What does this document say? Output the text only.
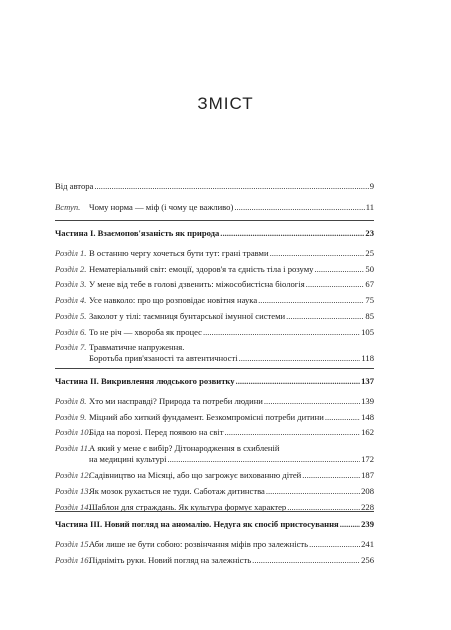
ЗМІСТ
Від автора .....	9
Вступ. Чому норма — міф (і чому це важливо) .....	11
Частина I. Взаємопов'язаність як природа .....	23
Розділ 1. В останню чергу хочеться бути тут: грані травми .....	25
Розділ 2. Нематеріальний світ: емоції, здоров'я та єдність тіла і розуму .....	50
Розділ 3. У мене від тебе в голові дзвенить: міжособистісна біологія .....	67
Розділ 4. Усе навколо: про що розповідає новітня наука .....	75
Розділ 5. Заколот у тілі: таємниця бунтарської імунної системи .....	85
Розділ 6. То не річ — хвороба як процес .....	105
Розділ 7. Травматичне напруження.
Боротьба прив'язаності та автентичності .....	118
Частина II. Викривлення людського розвитку .....	137
Розділ 8. Хто ми насправді? Природа та потреби людини .....	139
Розділ 9. Міцний або хиткий фундамент. Безкомпромісні потреби дитини .....	148
Розділ 10.
Біда на порозі. Перед появою на світ .....	162
Розділ 11.
А який у мене є вибір? Дітонародження в схибленій
на медицині культурі .....	172
Розділ 12.
Садівництво на Місяці, або що загрожує вихованню дітей .....	187
Розділ 13.
Як мозок рухається не туди. Саботаж дитинства .....	208
Розділ 14.
Шаблон для страждань. Як культура формує характер .....	228
Частина III. Новий погляд на аномалію. Недуга як спосіб пристосування .....	239
Розділ 15.
Аби лише не бути собою: розвінчання міфів про залежність .....	241
Розділ 16.
Підніміть руки. Новий погляд на залежність .....	256
